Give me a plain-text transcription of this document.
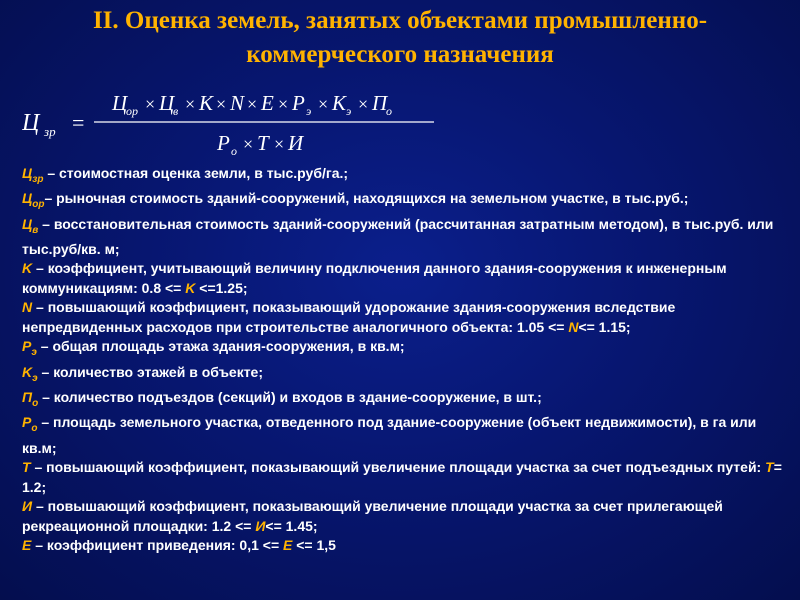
II. Оценка земель, занятых объектами промышленно-коммерческого назначения
Ц зр =
Ц
ор × Ц
в × K × N × E × P э × K э × П
о
P о × T × И

$Ц_{зр}$ – стоимостная оценка земли, в тыс.руб/га.;

$Ц_{ор}-$ рыночная стоимость зданий-сооружений, находящихся на земельном участке, в тыс.руб.;

$Ц_в$ – восстановительная стоимость зданий-сооружений (рассчитанная затратным методом), в тыс.руб. или тыс.руб/кв. м;

K – коэффициент, учитывающий величину подключения данного здания-сооружения к инженерным коммуникациям: 0.8 <= K <=1.25;

N – повышающий коэффициент, показывающий удорожание здания-сооружения вследствие непредвиденных расходов при строительстве аналогичного объекта: 1.05 <= N<= 1.15;

$P_э$ – общая площадь этажа здания-сооружения, в кв.м;

$K_э$ – количество этажей в объекте;

$П_о$ – количество подъездов (секций) и входов в здание-сооружение, в шт.;

$P_о$ – площадь земельного участка, отведенного под здание-сооружение (объект недвижимости), в га или кв.м;

T – повышающий коэффициент, показывающий увеличение площади участка за счет подъездных путей: T= 1.2;

И – повышающий коэффициент, показывающий увеличение площади участка за счет прилегающей рекреационной площадки: 1.2 <= И<= 1.45;

E – коэффициент приведения: 0,1 <= E <= 1,5
